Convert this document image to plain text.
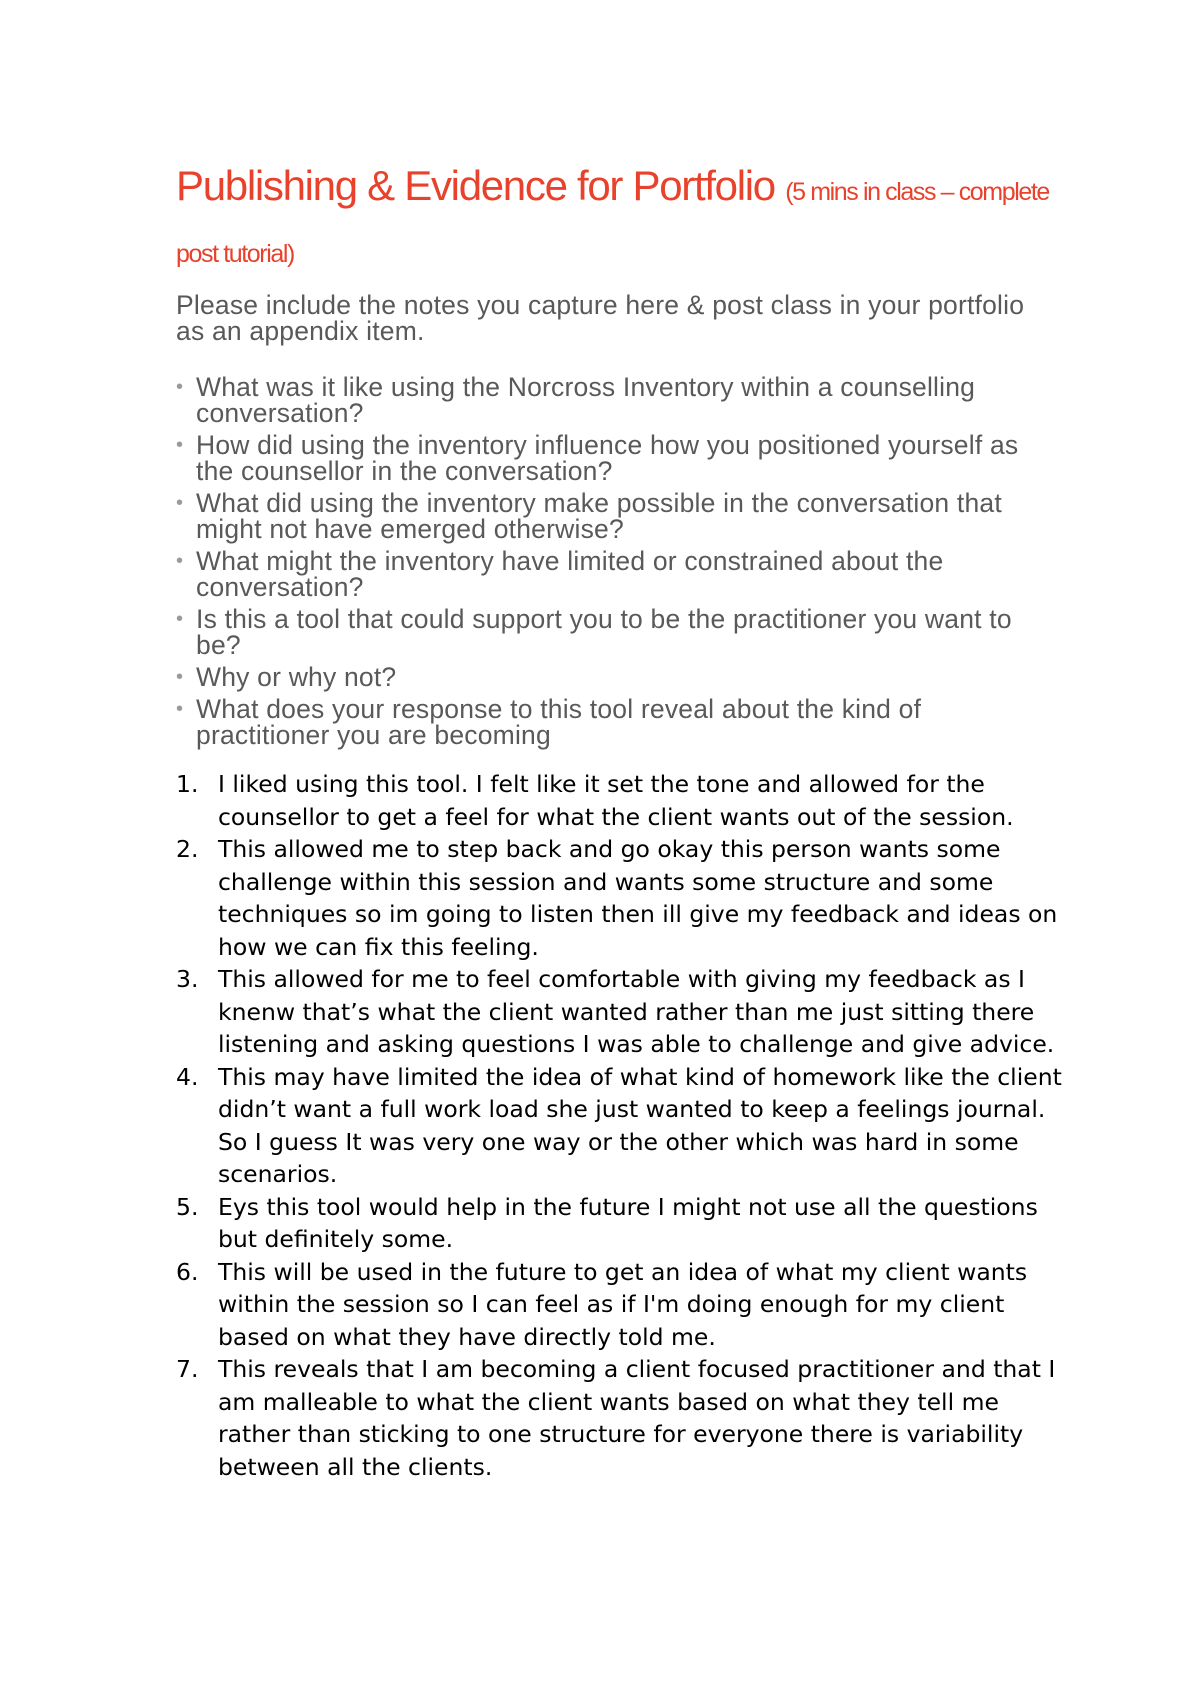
Publishing & Evidence for Portfolio (5 mins in class – complete post tutorial)

Please include the notes you capture here & post class in your portfolio as an appendix item.

• What was it like using the Norcross Inventory within a counselling conversation?
• How did using the inventory influence how you positioned yourself as the counsellor in the conversation?
• What did using the inventory make possible in the conversation that might not have emerged otherwise?
• What might the inventory have limited or constrained about the conversation?
• Is this a tool that could support you to be the practitioner you want to be?
• Why or why not?
• What does your response to this tool reveal about the kind of practitioner you are becoming
1. I liked using this tool. I felt like it set the tone and allowed for the counsellor to get a feel for what the client wants out of the session.
2. This allowed me to step back and go okay this person wants some challenge within this session and wants some structure and some techniques so im going to listen then ill give my feedback and ideas on how we can fix this feeling.
3. This allowed for me to feel comfortable with giving my feedback as I knenw that’s what the client wanted rather than me just sitting there listening and asking questions I was able to challenge and give advice.
4. This may have limited the idea of what kind of homework like the client didn’t want a full work load she just wanted to keep a feelings journal. So I guess It was very one way or the other which was hard in some scenarios.
5. Eys this tool would help in the future I might not use all the questions but definitely some.
6. This will be used in the future to get an idea of what my client wants within the session so I can feel as if I'm doing enough for my client based on what they have directly told me.
7. This reveals that I am becoming a client focused practitioner and that I am malleable to what the client wants based on what they tell me rather than sticking to one structure for everyone there is variability between all the clients.
